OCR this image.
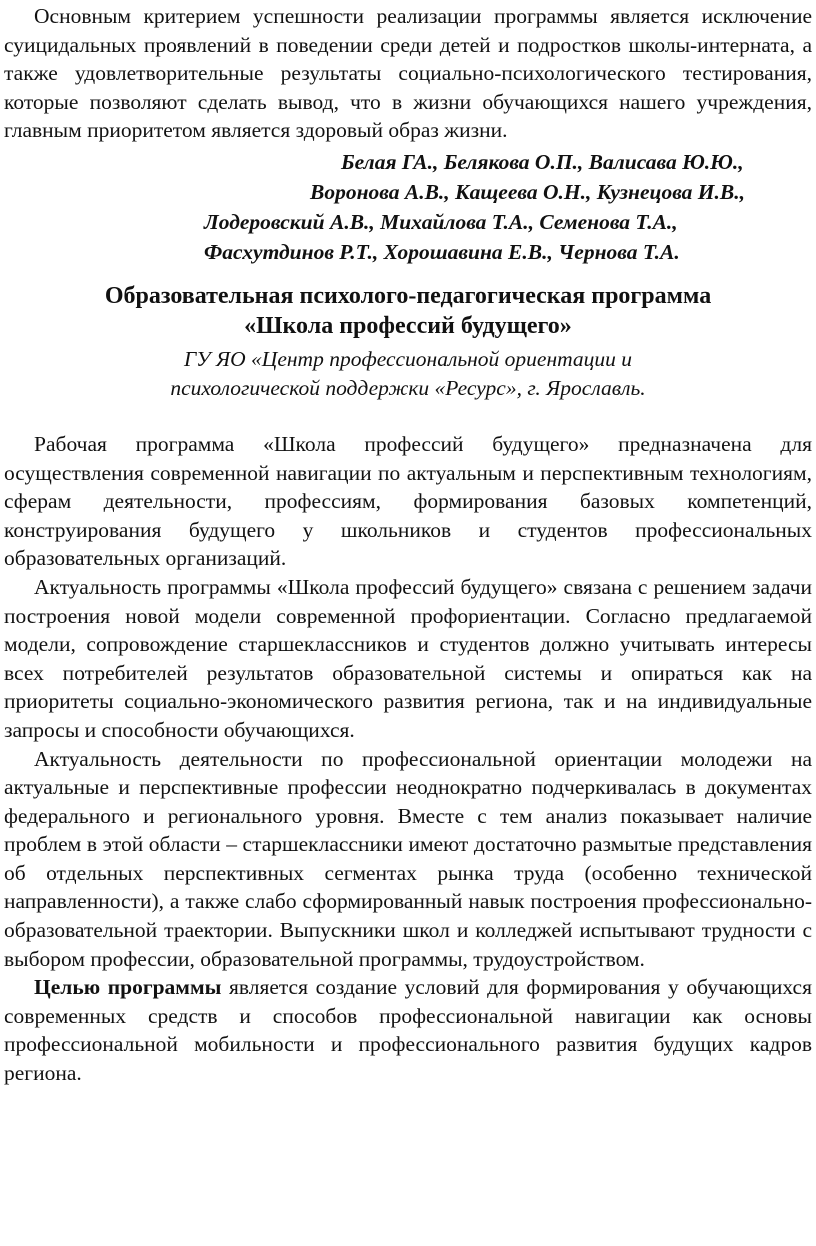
Основным критерием успешности реализации программы является исключение суицидальных проявлений в поведении среди детей и подростков школы-интерната, а также удовлетворительные результаты социально-психологического тестирования, которые позволяют сделать вывод, что в жизни обучающихся нашего учреждения, главным приоритетом является здоровый образ жизни.

Белая ГА., Белякова О.П., Валисава Ю.Ю.,
Воронова А.В., Кащеева О.Н., Кузнецова И.В.,
Лодеровский А.В., Михайлова Т.А., Семенова Т.А.,
Фасхутдинов Р.Т., Хорошавина Е.В., Чернова Т.А.
Образовательная психолого-педагогическая программа
«Школа профессий будущего»
ГУ ЯО «Центр профессиональной ориентации и
психологической поддержки «Ресурс», г. Ярославль.

Рабочая программа «Школа профессий будущего» предназначена для осуществления современной навигации по актуальным и перспективным технологиям, сферам деятельности, профессиям, формирования базовых компетенций, конструирования будущего у школьников и студентов профессиональных образовательных организаций.

Актуальность программы «Школа профессий будущего» связана с решением задачи построения новой модели современной профориентации. Согласно предлагаемой модели, сопровождение старшеклассников и студентов должно учитывать интересы всех потребителей результатов образовательной системы и опираться как на приоритеты социально-экономического развития региона, так и на индивидуальные запросы и способности обучающихся.

Актуальность деятельности по профессиональной ориентации молодежи на актуальные и перспективные профессии неоднократно подчеркивалась в документах федерального и регионального уровня. Вместе с тем анализ показывает наличие проблем в этой области – старшеклассники имеют достаточно размытые представления об отдельных перспективных сегментах рынка труда (особенно технической направленности), а также слабо сформированный навык построения профессионально-образовательной траектории. Выпускники школ и колледжей испытывают трудности с выбором профессии, образовательной программы, трудоустройством.

Целью программы является создание условий для формирования у обучающихся современных средств и способов профессиональной навигации как основы профессиональной мобильности и профессионального развития будущих кадров региона.
